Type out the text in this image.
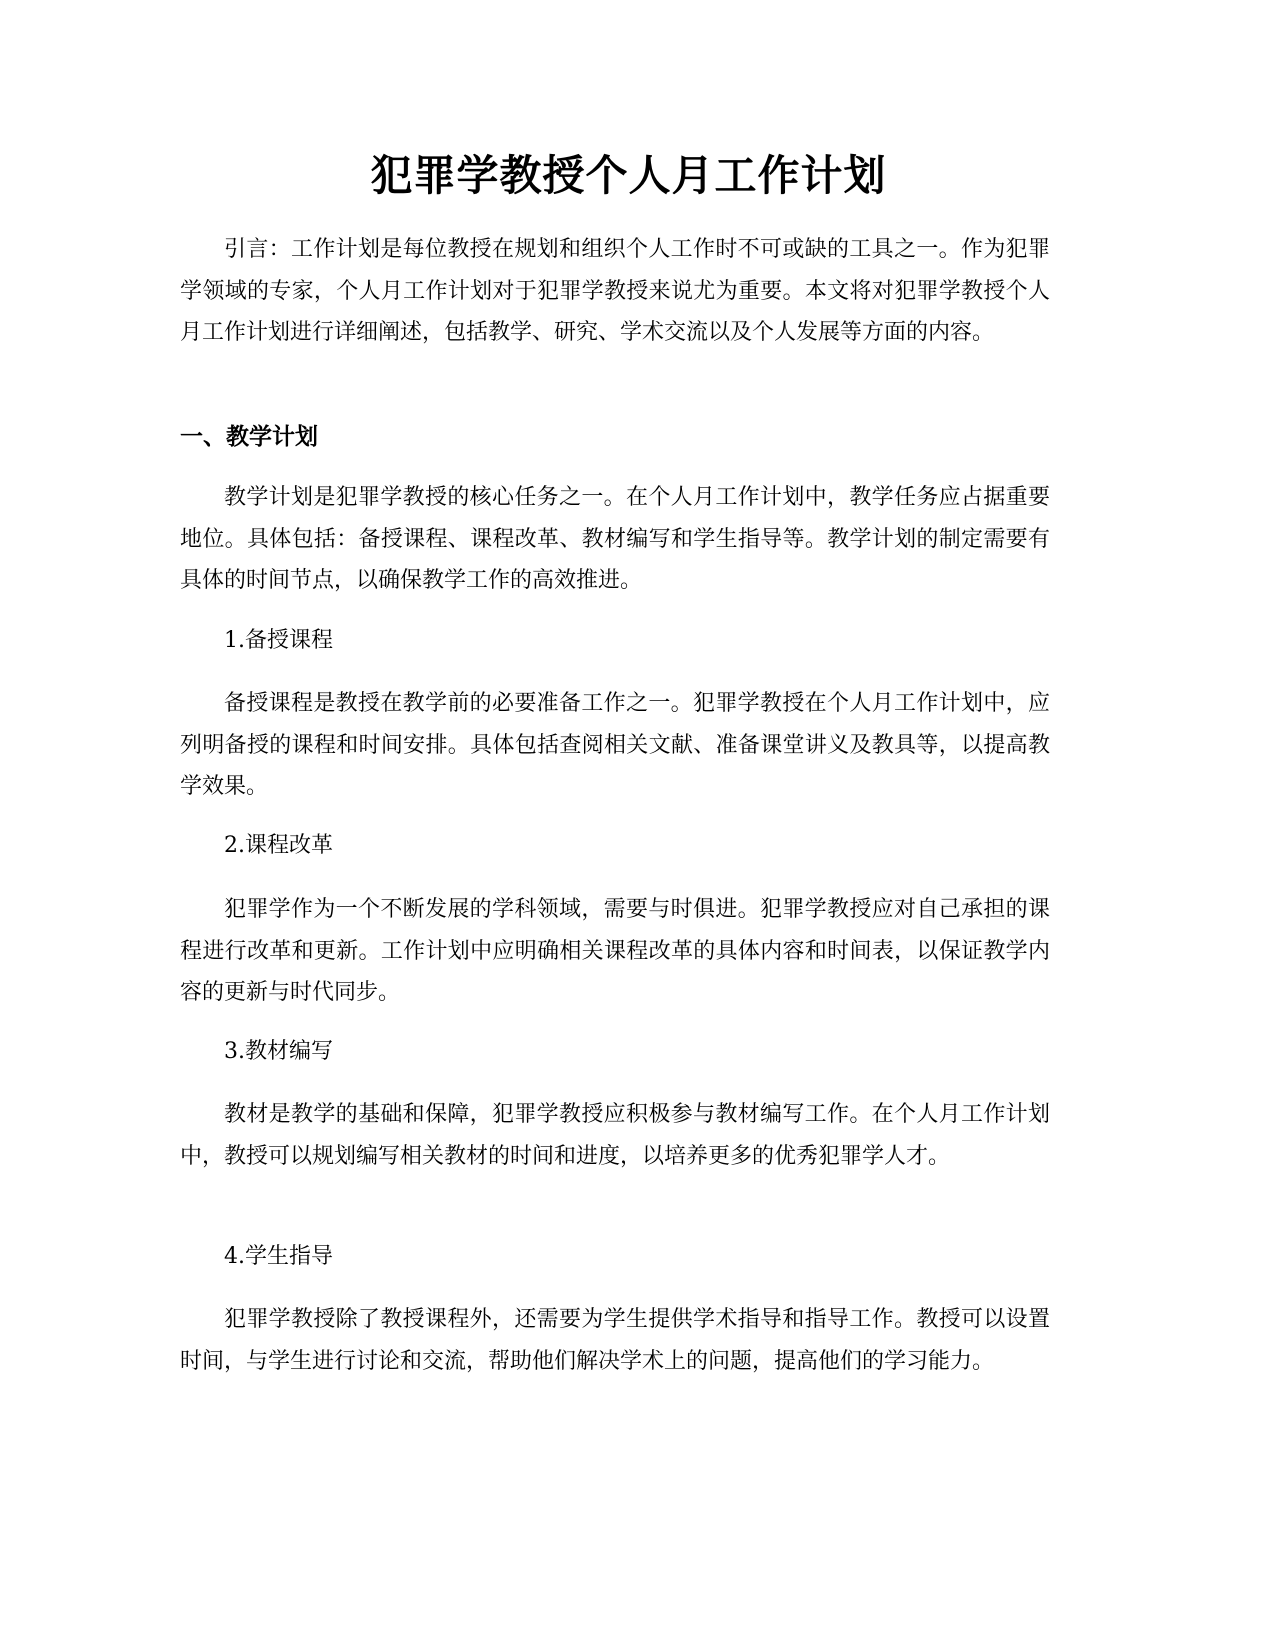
犯罪学教授个人月工作计划

引言：工作计划是每位教授在规划和组织个人工作时不可或缺的工具之一。作为犯罪学领域的专家，个人月工作计划对于犯罪学教授来说尤为重要。本文将对犯罪学教授个人月工作计划进行详细阐述，包括教学、研究、学术交流以及个人发展等方面的内容。

一、教学计划

教学计划是犯罪学教授的核心任务之一。在个人月工作计划中，教学任务应占据重要地位。具体包括：备授课程、课程改革、教材编写和学生指导等。教学计划的制定需要有具体的时间节点，以确保教学工作的高效推进。

1.备授课程

备授课程是教授在教学前的必要准备工作之一。犯罪学教授在个人月工作计划中，应列明备授的课程和时间安排。具体包括查阅相关文献、准备课堂讲义及教具等，以提高教学效果。

2.课程改革

犯罪学作为一个不断发展的学科领域，需要与时俱进。犯罪学教授应对自己承担的课程进行改革和更新。工作计划中应明确相关课程改革的具体内容和时间表，以保证教学内容的更新与时代同步。

3.教材编写

教材是教学的基础和保障，犯罪学教授应积极参与教材编写工作。在个人月工作计划中，教授可以规划编写相关教材的时间和进度，以培养更多的优秀犯罪学人才。

4.学生指导

犯罪学教授除了教授课程外，还需要为学生提供学术指导和指导工作。教授可以设置时间，与学生进行讨论和交流，帮助他们解决学术上的问题，提高他们的学习能力。
